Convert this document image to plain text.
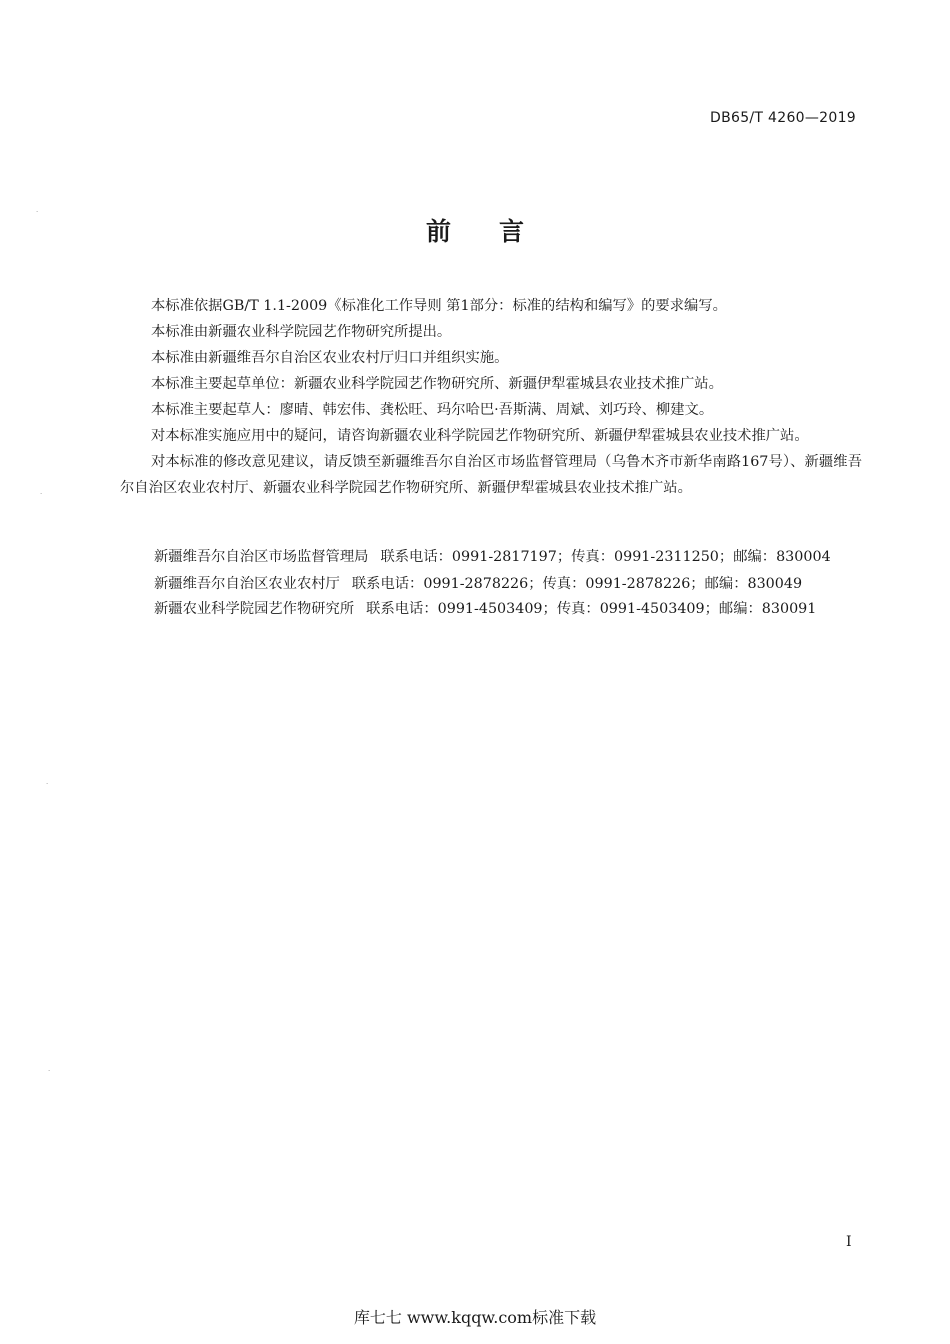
DB65/T 4260—2019
前 言

本标准依据GB/T 1.1-2009《标准化工作导则 第1部分：标准的结构和编写》的要求编写。

本标准由新疆农业科学院园艺作物研究所提出。

本标准由新疆维吾尔自治区农业农村厅归口并组织实施。

本标准主要起草单位：新疆农业科学院园艺作物研究所、新疆伊犁霍城县农业技术推广站。

本标准主要起草人：廖晴、韩宏伟、龚松旺、玛尔哈巴·吾斯满、周斌、刘巧玲、柳建文。

对本标准实施应用中的疑问，请咨询新疆农业科学院园艺作物研究所、新疆伊犁霍城县农业技术推广站。

对本标准的修改意见建议，请反馈至新疆维吾尔自治区市场监督管理局（乌鲁木齐市新华南路167号）、新疆维吾尔自治区农业农村厅、新疆农业科学院园艺作物研究所、新疆伊犁霍城县农业技术推广站。

新疆维吾尔自治区市场监督管理局 联系电话：0991-2817197；传真：0991-2311250；邮编：830004
新疆维吾尔自治区农业农村厅 联系电话：0991-2878226；传真：0991-2878226；邮编：830049
新疆农业科学院园艺作物研究所 联系电话：0991-4503409；传真：0991-4503409；邮编：830091
I
库七七 www.kqqw.com标准下载
·
·
·
·
